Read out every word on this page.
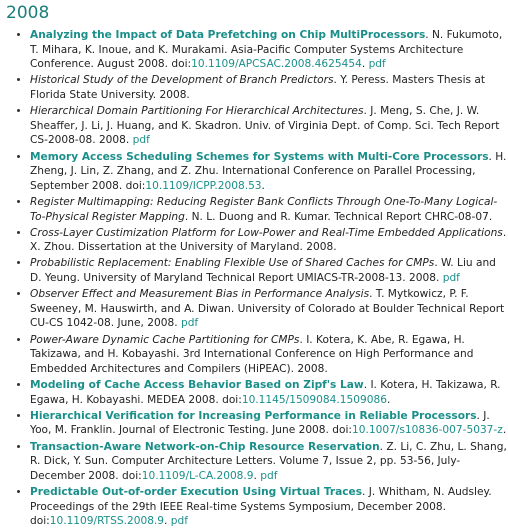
2008
• Analyzing the Impact of Data Prefetching on Chip MultiProcessors. N. Fukumoto, T. Mihara, K. Inoue, and K. Murakami. Asia-Pacific Computer Systems Architecture Conference. August 2008. doi:10.1109/APCSAC.2008.4625454. pdf
• Historical Study of the Development of Branch Predictors. Y. Peress. Masters Thesis at Florida State University. 2008.
• Hierarchical Domain Partitioning For Hierarchical Architectures. J. Meng, S. Che, J. W. Sheaffer, J. Li, J. Huang, and K. Skadron. Univ. of Virginia Dept. of Comp. Sci. Tech Report CS-2008-08. 2008. pdf
• Memory Access Scheduling Schemes for Systems with Multi-Core Processors. H. Zheng, J. Lin, Z. Zhang, and Z. Zhu. International Conference on Parallel Processing, September 2008. doi:10.1109/ICPP.2008.53.
• Register Multimapping: Reducing Register Bank Conflicts Through One-To-Many Logical-To-Physical Register Mapping. N. L. Duong and R. Kumar. Technical Report CHRC-08-07.
• Cross-Layer Custimization Platform for Low-Power and Real-Time Embedded Applications. X. Zhou. Dissertation at the University of Maryland. 2008.
• Probabilistic Replacement: Enabling Flexible Use of Shared Caches for CMPs. W. Liu and D. Yeung. University of Maryland Technical Report UMIACS-TR-2008-13. 2008. pdf
• Observer Effect and Measurement Bias in Performance Analysis. T. Mytkowicz, P. F. Sweeney, M. Hauswirth, and A. Diwan. University of Colorado at Boulder Technical Report CU-CS 1042-08. June, 2008. pdf
• Power-Aware Dynamic Cache Partitioning for CMPs. I. Kotera, K. Abe, R. Egawa, H. Takizawa, and H. Kobayashi. 3rd International Conference on High Performance and Embedded Architectures and Compilers (HiPEAC). 2008.
• Modeling of Cache Access Behavior Based on Zipf's Law. I. Kotera, H. Takizawa, R. Egawa, H. Kobayashi. MEDEA 2008. doi:10.1145/1509084.1509086.
• Hierarchical Verification for Increasing Performance in Reliable Processors. J. Yoo, M. Franklin. Journal of Electronic Testing. June 2008. doi:10.1007/s10836-007-5037-z.
• Transaction-Aware Network-on-Chip Resource Reservation. Z. Li, C. Zhu, L. Shang, R. Dick, Y. Sun. Computer Architecture Letters. Volume 7, Issue 2, pp. 53-56, July-December 2008. doi:10.1109/L-CA.2008.9. pdf
• Predictable Out-of-order Execution Using Virtual Traces. J. Whitham, N. Audsley. Proceedings of the 29th IEEE Real-time Systems Symposium, December 2008. doi:10.1109/RTSS.2008.9. pdf
